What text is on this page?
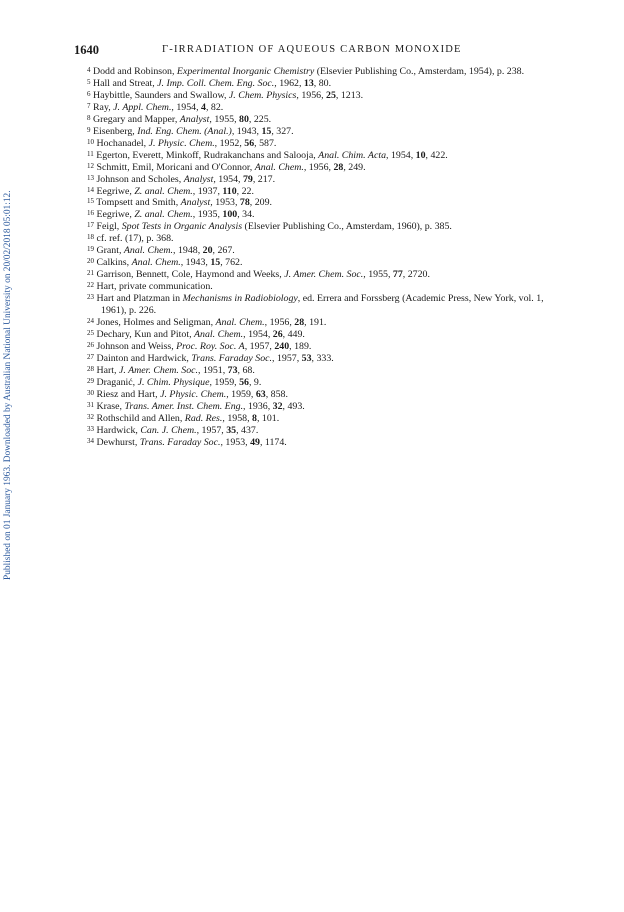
Published on 01 January 1963. Downloaded by Australian National University on 20/02/2018 05:01:12.
1640	Γ-IRRADIATION OF AQUEOUS CARBON MONOXIDE
$^4$ Dodd and Robinson, Experimental Inorganic Chemistry (Elsevier Publishing Co., Amsterdam, 1954), p. 238.
$^5$ Hall and Streat, J. Imp. Coll. Chem. Eng. Soc., 1962, 13, 80.
$^6$ Haybittle, Saunders and Swallow, J. Chem. Physics, 1956, 25, 1213.
$^7$ Ray, J. Appl. Chem., 1954, 4, 82.
$^8$ Gregary and Mapper, Analyst, 1955, 80, 225.
$^9$ Eisenberg, Ind. Eng. Chem. (Anal.), 1943, 15, 327.
$^{10}$ Hochanadel, J. Physic. Chem., 1952, 56, 587.
$^{11}$ Egerton, Everett, Minkoff, Rudrakanchans and Salooja, Anal. Chim. Acta, 1954, 10, 422.
$^{12}$ Schmitt, Emil, Moricani and O'Connor, Anal. Chem., 1956, 28, 249.
$^{13}$ Johnson and Scholes, Analyst, 1954, 79, 217.
$^{14}$ Eegriwe, Z. anal. Chem., 1937, 110, 22.
$^{15}$ Tompsett and Smith, Analyst, 1953, 78, 209.
$^{16}$ Eegriwe, Z. anal. Chem., 1935, 100, 34.
$^{17}$ Feigl, Spot Tests in Organic Analysis (Elsevier Publishing Co., Amsterdam, 1960), p. 385.
$^{18}$ cf. ref. (17), p. 368.
$^{19}$ Grant, Anal. Chem., 1948, 20, 267.
$^{20}$ Calkins, Anal. Chem., 1943, 15, 762.
$^{21}$ Garrison, Bennett, Cole, Haymond and Weeks, J. Amer. Chem. Soc., 1955, 77, 2720.
$^{22}$ Hart, private communication.
$^{23}$ Hart and Platzman in Mechanisms in Radiobiology, ed. Errera and Forssberg (Academic Press, New York, vol. 1, 1961), p. 226.
$^{24}$ Jones, Holmes and Seligman, Anal. Chem., 1956, 28, 191.
$^{25}$ Dechary, Kun and Pitot, Anal. Chem., 1954, 26, 449.
$^{26}$ Johnson and Weiss, Proc. Roy. Soc. A, 1957, 240, 189.
$^{27}$ Dainton and Hardwick, Trans. Faraday Soc., 1957, 53, 333.
$^{28}$ Hart, J. Amer. Chem. Soc., 1951, 73, 68.
$^{29}$ Draganić, J. Chim. Physique, 1959, 56, 9.
$^{30}$ Riesz and Hart, J. Physic. Chem., 1959, 63, 858.
$^{31}$ Krase, Trans. Amer. Inst. Chem. Eng., 1936, 32, 493.
$^{32}$ Rothschild and Allen, Rad. Res., 1958, 8, 101.
$^{33}$ Hardwick, Can. J. Chem., 1957, 35, 437.
$^{34}$ Dewhurst, Trans. Faraday Soc., 1953, 49, 1174.
